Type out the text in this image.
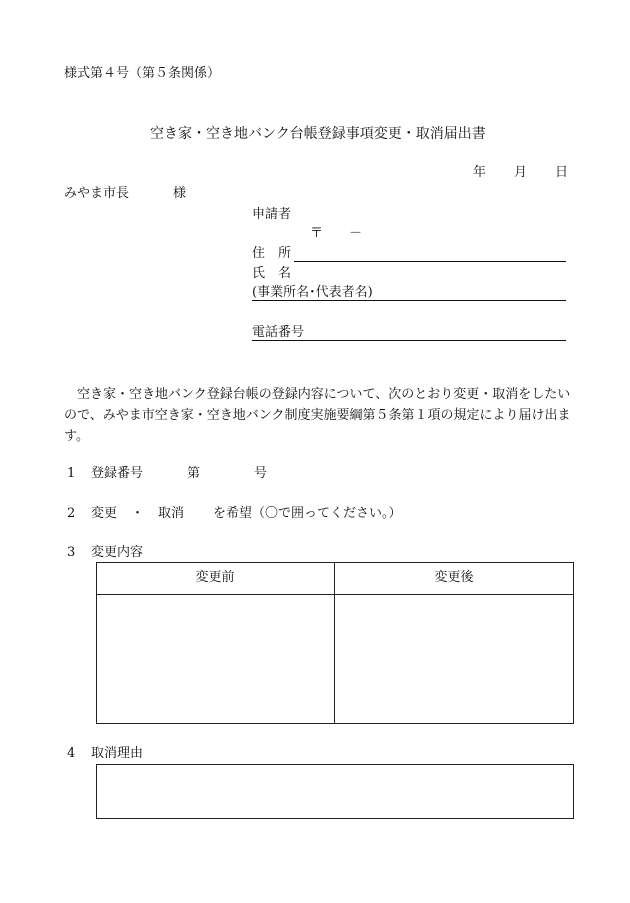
様式第４号（第５条関係）
空き家・空き地バンク台帳登録事項変更・取消届出書
年 月 日
みやま市長	様
申請者
〒 －
住　所
氏　名
(事業所名･代表者名)
電話番号
空き家・空き地バンク登録台帳の登録内容について、次のとおり変更・取消をしたいので、みやま市空き家・空き地バンク制度実施要綱第５条第１項の規定により届け出ます。
1 登録番号	第	号
2 変更 ・ 取消 を希望（〇で囲ってください。）
3 変更内容
変更前	変更後
4 取消理由
